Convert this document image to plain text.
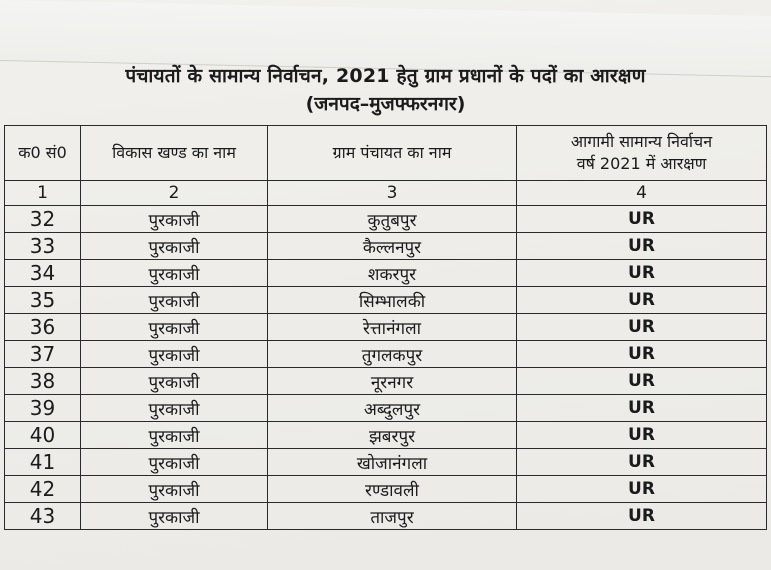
पंचायतों के सामान्य निर्वाचन, 2021 हेतु ग्राम प्रधानों के पदों का आरक्षण
(जनपद–मुजफ्फरनगर)
क0 सं0	विकास खण्ड का नाम	ग्राम पंचायत का नाम	आगामी सामान्य निर्वाचन
वर्ष 2021 में आरक्षण

1	2	3	4
32	पुरकाजी	कुतुबपुर	UR
33	पुरकाजी	कैल्लनपुर	UR
34	पुरकाजी	शकरपुर	UR
35	पुरकाजी	सिम्भालकी	UR
36	पुरकाजी	रेत्तानंगला	UR
37	पुरकाजी	तुगलकपुर	UR
38	पुरकाजी	नूरनगर	UR
39	पुरकाजी	अब्दुलपुर	UR
40	पुरकाजी	झबरपुर	UR
41	पुरकाजी	खोजानंगला	UR
42	पुरकाजी	रण्डावली	UR
43	पुरकाजी	ताजपुर	UR
